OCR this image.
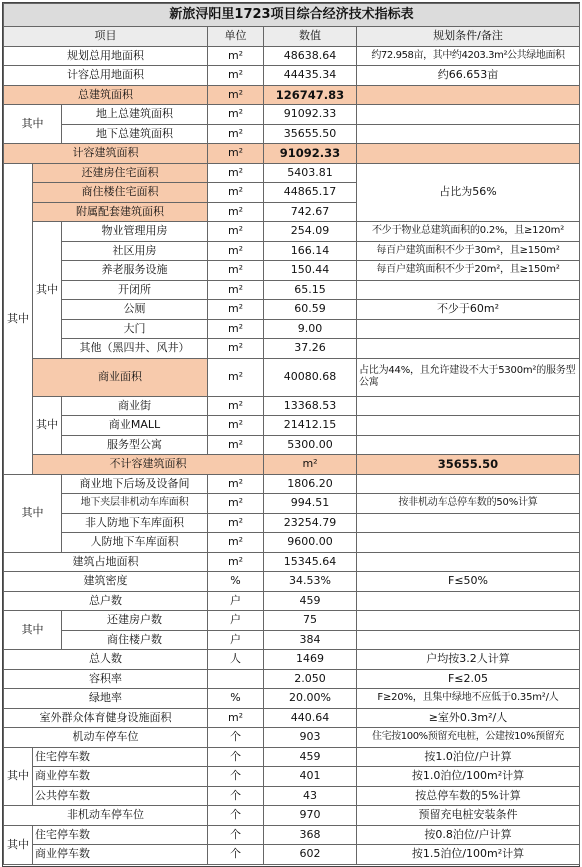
新旅浔阳里1723项目综合经济技术指标表						
项目			单位	数值	规划条件/备注	
规划总用地面积			m²	48638.64	约72.958亩，其中约4203.3m²公共绿地面积	
计容总用地面积			m²	44435.34	约66.653亩	
总建筑面积			m²	126747.83		
其中		地上总建筑面积	m²	91092.33		
		地下总建筑面积	m²	35655.50		
计容建筑面积			m²	91092.33		
其中	还建房住宅面积		m²	5403.81	占比为56%	
	商住楼住宅面积		m²	44865.17		
	附属配套建筑面积		m²	742.67		
	其中	物业管理用房	m²	254.09	不少于物业总建筑面积的0.2%，且≥120m²	
		社区用房	m²	166.14	每百户建筑面积不少于30m²，且≥150m²	
		养老服务设施	m²	150.44	每百户建筑面积不少于20m²，且≥150m²	
		开闭所	m²	65.15		
		公厕	m²	60.59	不少于60m²	
		大门	m²	9.00		
		其他（黑四井、风井）	m²	37.26		
	商业面积		m²	40080.68	占比为44%，且允许建设不大于5300m²的服务型公寓	
	其中	商业街	m²	13368.53		
		商业MALL	m²	21412.15		
		服务型公寓	m²	5300.00		
	不计容建筑面积			m²	35655.50	
其中		商业地下后场及设备间	m²	1806.20		
		地下夹层非机动车库面积	m²	994.51	按非机动车总停车数的50%计算	
		非人防地下车库面积	m²	23254.79		
		人防地下车库面积	m²	9600.00		
建筑占地面积			m²	15345.64		
建筑密度			%	34.53%	F≤50%	
总户数			户	459		
其中		还建房户数	户	75		
		商住楼户数	户	384		
总人数			人	1469	户均按3.2人计算	
容积率				2.050	F≤2.05	
绿地率			%	20.00%	F≥20%，且集中绿地不应低于0.35m²/人	
室外群众体育健身设施面积			m²	440.64	≥室外0.3m²/人	
机动车停车位			个	903	住宅按100%预留充电桩，公建按10%预留充	
其中	住宅停车数		个	459	按1.0泊位/户计算	
	商业停车数		个	401	按1.0泊位/100m²计算	
	公共停车数		个	43	按总停车数的5%计算	
非机动车停车位			个	970	预留充电桩安装条件	
其中	住宅停车数		个	368	按0.8泊位/户计算	
	商业停车数		个	602	按1.5泊位/100m²计算	
